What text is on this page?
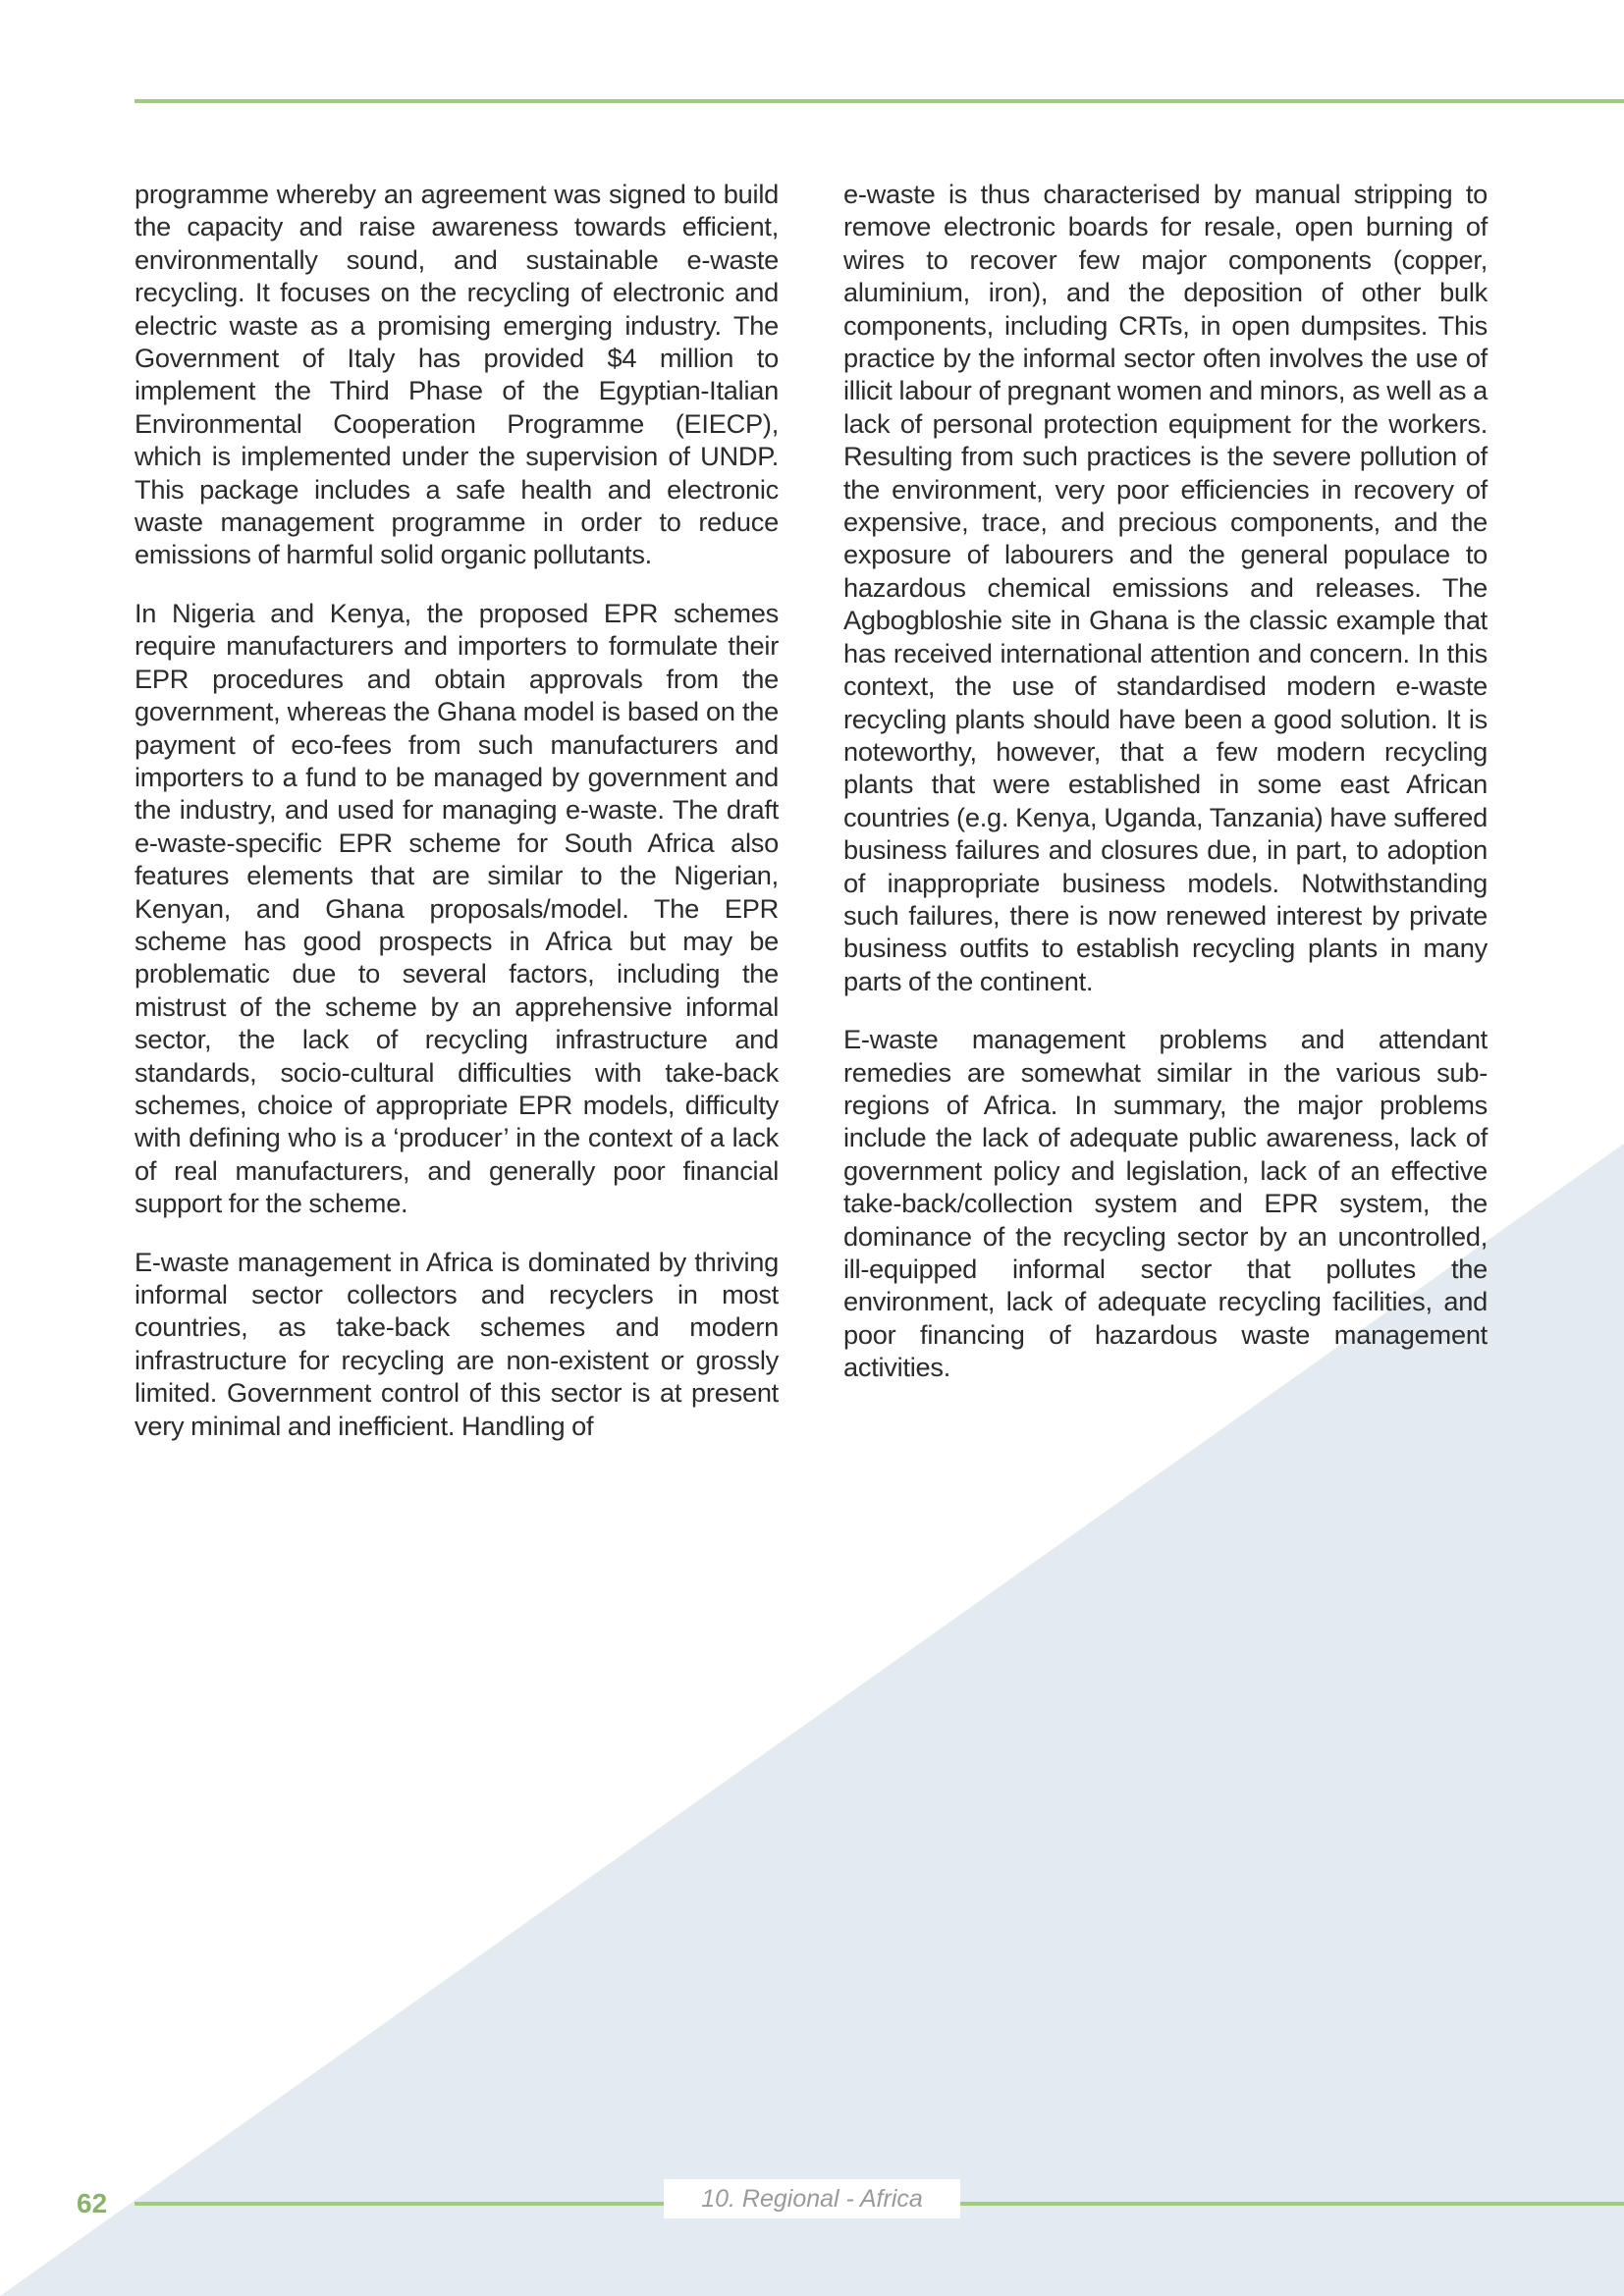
programme whereby an agreement was signed to build the capacity and raise awareness towards efficient, environmentally sound, and sustainable e-waste recycling. It focuses on the recycling of electronic and electric waste as a promising emerging industry. The Government of Italy has provided $4 million to implement the Third Phase of the Egyptian-Italian Environmental Cooperation Programme (EIECP), which is implemented under the supervision of UNDP. This package includes a safe health and electronic waste management programme in order to reduce emissions of harmful solid organic pollutants.

In Nigeria and Kenya, the proposed EPR schemes require manufacturers and importers to formulate their EPR procedures and obtain approvals from the government, whereas the Ghana model is based on the payment of eco-fees from such manufacturers and importers to a fund to be managed by government and the industry, and used for managing e-waste. The draft e-waste-specific EPR scheme for South Africa also features elements that are similar to the Nigerian, Kenyan, and Ghana proposals/model. The EPR scheme has good prospects in Africa but may be problematic due to several factors, including the mistrust of the scheme by an apprehensive informal sector, the lack of recycling infrastructure and standards, socio-cultural difficulties with take-back schemes, choice of appropriate EPR models, difficulty with defining who is a ‘producer’ in the context of a lack of real manufacturers, and generally poor financial support for the scheme.

E-waste management in Africa is dominated by thriving informal sector collectors and recyclers in most countries, as take-back schemes and modern infrastructure for recycling are non-existent or grossly limited. Government control of this sector is at present very minimal and inefficient. Handling of

e-waste is thus characterised by manual stripping to remove electronic boards for resale, open burning of wires to recover few major components (copper, aluminium, iron), and the deposition of other bulk components, including CRTs, in open dumpsites. This practice by the informal sector often involves the use of illicit labour of pregnant women and minors, as well as a lack of personal protection equipment for the workers. Resulting from such practices is the severe pollution of the environment, very poor efficiencies in recovery of expensive, trace, and precious components, and the exposure of labourers and the general populace to hazardous chemical emissions and releases. The Agbogbloshie site in Ghana is the classic example that has received international attention and concern. In this context, the use of standardised modern e-waste recycling plants should have been a good solution. It is noteworthy, however, that a few modern recycling plants that were established in some east African countries (e.g. Kenya, Uganda, Tanzania) have suffered business failures and closures due, in part, to adoption of inappropriate business models. Notwithstanding such failures, there is now renewed interest by private business outfits to establish recycling plants in many parts of the continent.

E-waste management problems and attendant remedies are somewhat similar in the various sub-regions of Africa. In summary, the major problems include the lack of adequate public awareness, lack of government policy and legislation, lack of an effective take-back/collection system and EPR system, the dominance of the recycling sector by an uncontrolled, ill-equipped informal sector that pollutes the environment, lack of adequate recycling facilities, and poor financing of hazardous waste management activities.

62	10. Regional - Africa
